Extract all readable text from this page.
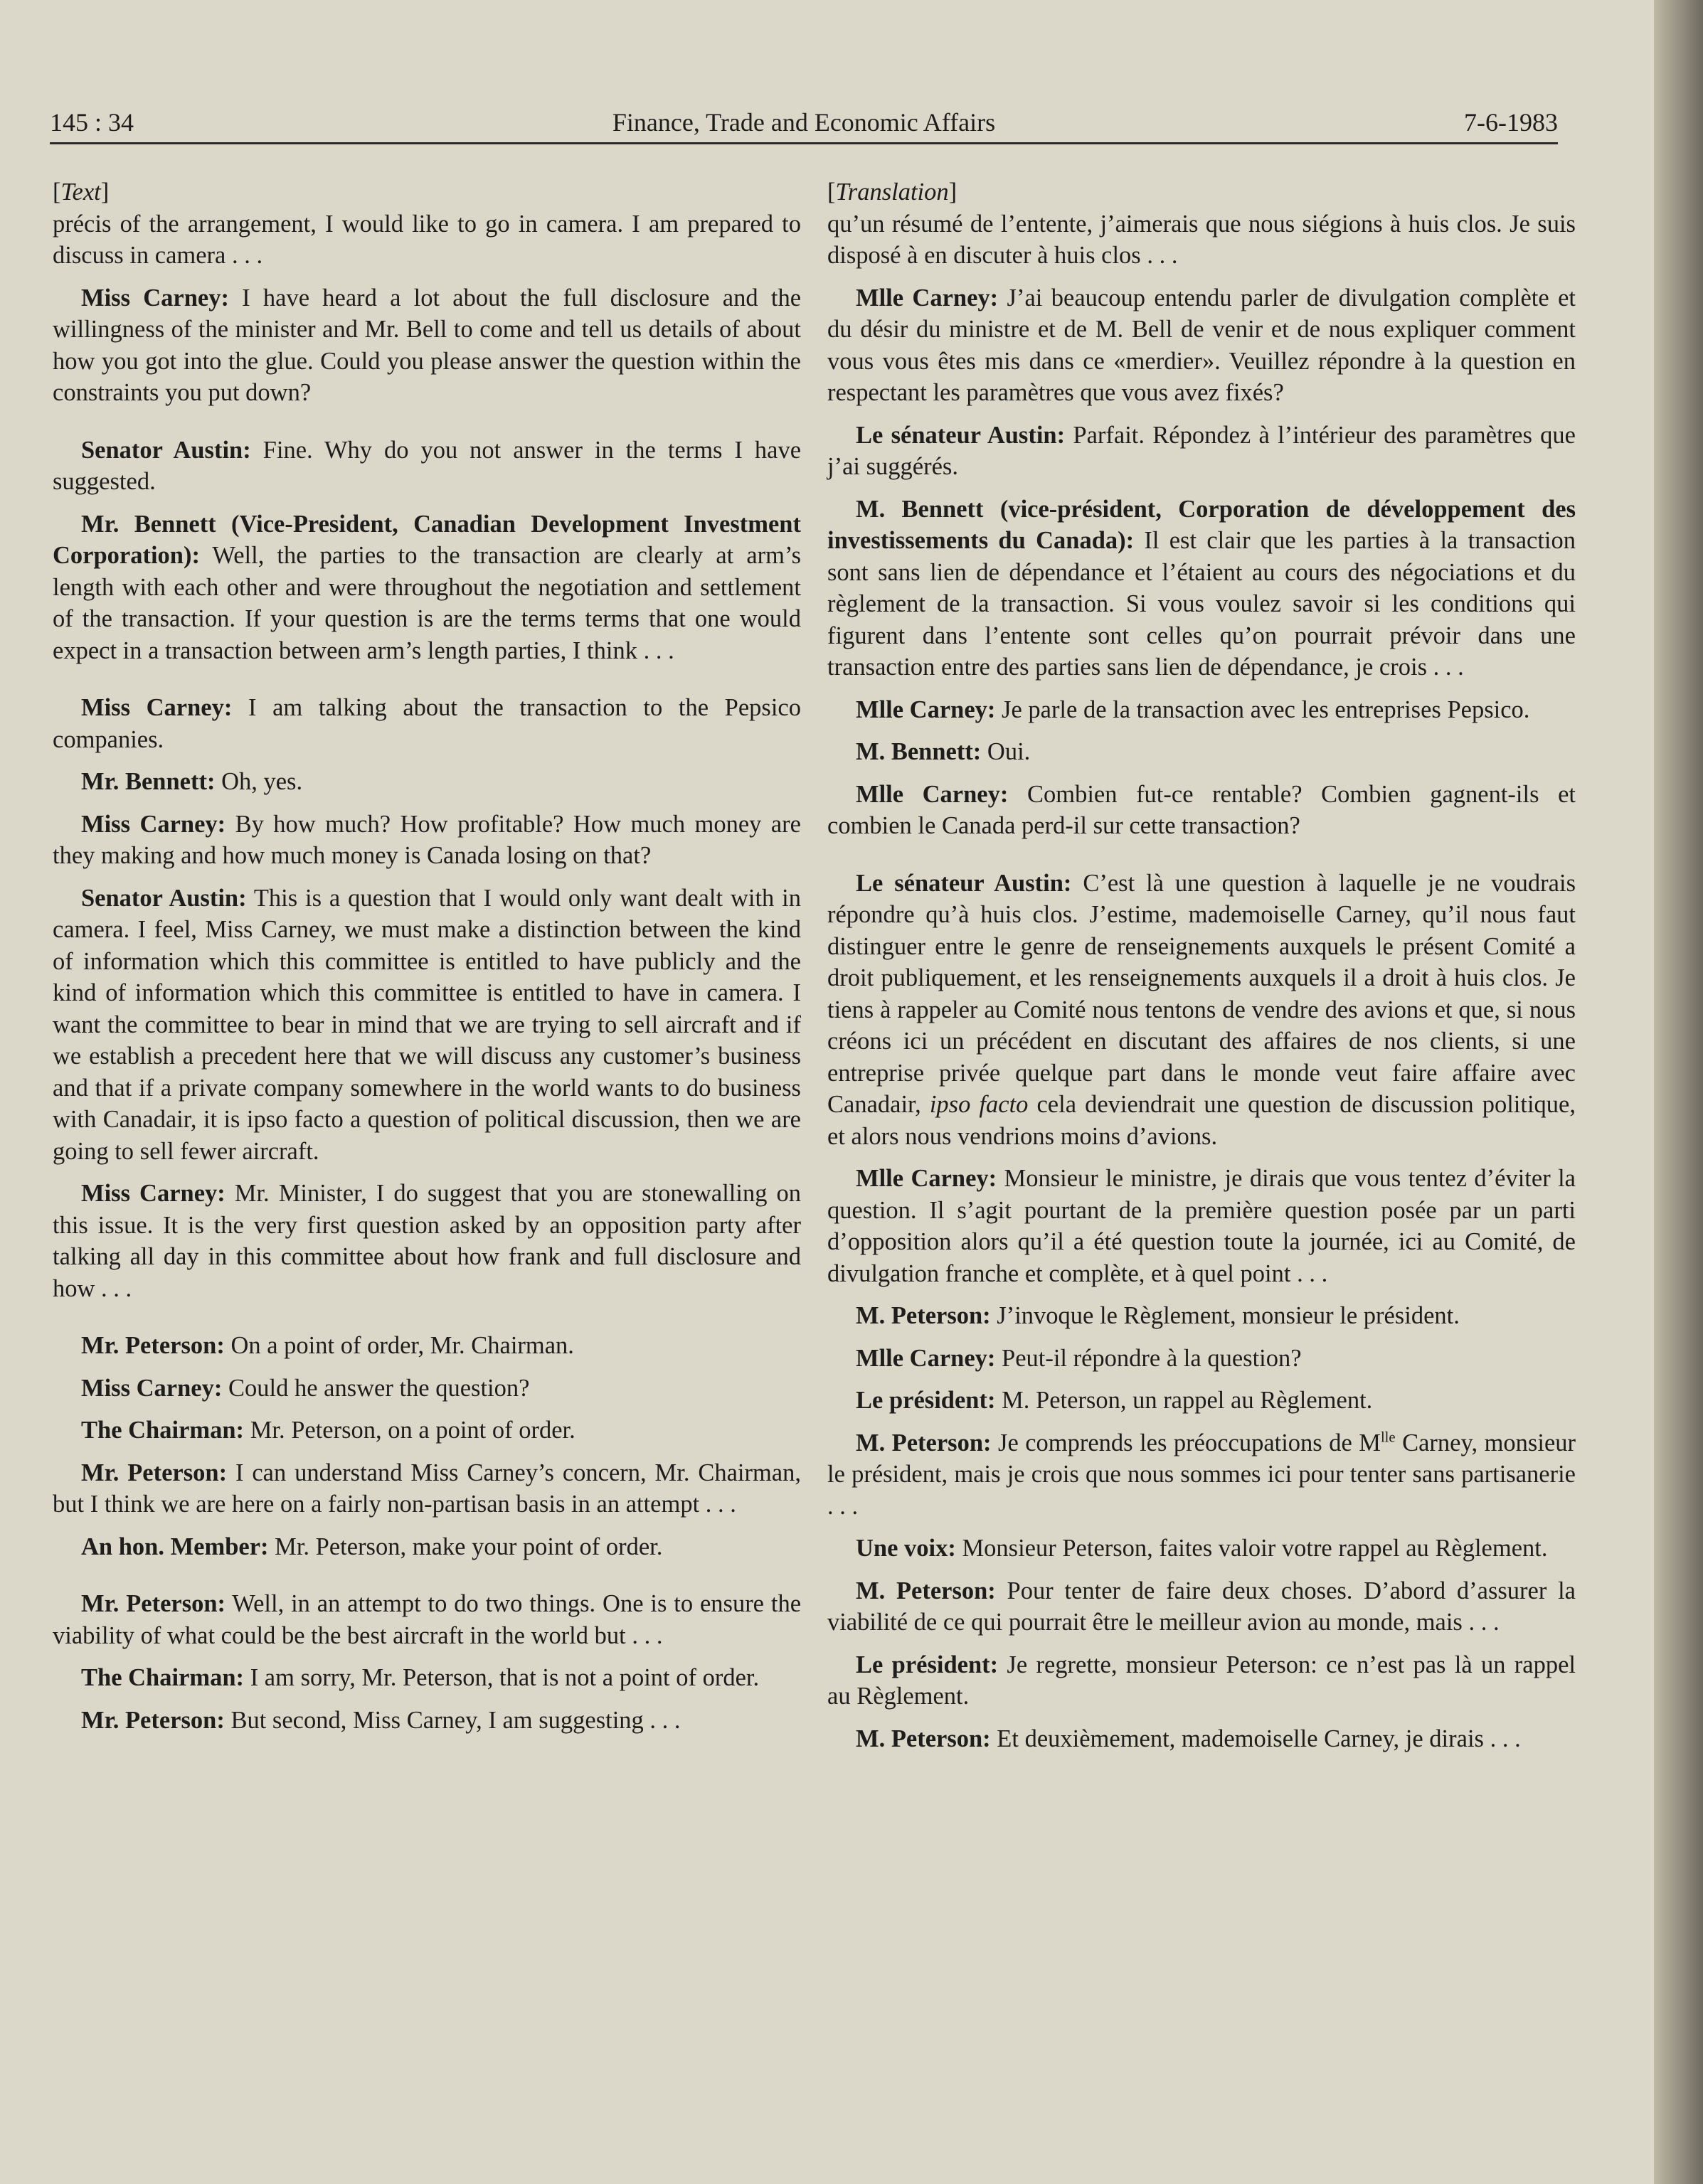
145 : 34	Finance, Trade and Economic Affairs	7-6-1983
[Text]

précis of the arrangement, I would like to go in camera. I am prepared to discuss in camera . . .

Miss Carney: I have heard a lot about the full disclosure and the willingness of the minister and Mr. Bell to come and tell us details of about how you got into the glue. Could you please answer the question within the constraints you put down?

Senator Austin: Fine. Why do you not answer in the terms I have suggested.

Mr. Bennett (Vice-President, Canadian Development Investment Corporation): Well, the parties to the transaction are clearly at arm’s length with each other and were throughout the negotiation and settlement of the transaction. If your question is are the terms terms that one would expect in a transaction between arm’s length parties, I think . . .

Miss Carney: I am talking about the transaction to the Pepsico companies.

Mr. Bennett: Oh, yes.

Miss Carney: By how much? How profitable? How much money are they making and how much money is Canada losing on that?

Senator Austin: This is a question that I would only want dealt with in camera. I feel, Miss Carney, we must make a distinction between the kind of information which this committee is entitled to have publicly and the kind of information which this committee is entitled to have in camera. I want the committee to bear in mind that we are trying to sell aircraft and if we establish a precedent here that we will discuss any customer’s business and that if a private company somewhere in the world wants to do business with Canadair, it is ipso facto a question of political discussion, then we are going to sell fewer aircraft.

Miss Carney: Mr. Minister, I do suggest that you are stonewalling on this issue. It is the very first question asked by an opposition party after talking all day in this committee about how frank and full disclosure and how . . .

Mr. Peterson: On a point of order, Mr. Chairman.

Miss Carney: Could he answer the question?

The Chairman: Mr. Peterson, on a point of order.

Mr. Peterson: I can understand Miss Carney’s concern, Mr. Chairman, but I think we are here on a fairly non-partisan basis in an attempt . . .

An hon. Member: Mr. Peterson, make your point of order.

Mr. Peterson: Well, in an attempt to do two things. One is to ensure the viability of what could be the best aircraft in the world but . . .

The Chairman: I am sorry, Mr. Peterson, that is not a point of order.

Mr. Peterson: But second, Miss Carney, I am suggesting . . .

[Translation]

qu’un résumé de l’entente, j’aimerais que nous siégions à huis clos. Je suis disposé à en discuter à huis clos . . .

Mlle Carney: J’ai beaucoup entendu parler de divulgation complète et du désir du ministre et de M. Bell de venir et de nous expliquer comment vous vous êtes mis dans ce «merdier». Veuillez répondre à la question en respectant les paramètres que vous avez fixés?

Le sénateur Austin: Parfait. Répondez à l’intérieur des paramètres que j’ai suggérés.

M. Bennett (vice-président, Corporation de développement des investissements du Canada): Il est clair que les parties à la transaction sont sans lien de dépendance et l’étaient au cours des négociations et du règlement de la transaction. Si vous voulez savoir si les conditions qui figurent dans l’entente sont celles qu’on pourrait prévoir dans une transaction entre des parties sans lien de dépendance, je crois . . .

Mlle Carney: Je parle de la transaction avec les entreprises Pepsico.

M. Bennett: Oui.

Mlle Carney: Combien fut-ce rentable? Combien gagnent-ils et combien le Canada perd-il sur cette transaction?

Le sénateur Austin: C’est là une question à laquelle je ne voudrais répondre qu’à huis clos. J’estime, mademoiselle Carney, qu’il nous faut distinguer entre le genre de renseignements auxquels le présent Comité a droit publiquement, et les renseignements auxquels il a droit à huis clos. Je tiens à rappeler au Comité nous tentons de vendre des avions et que, si nous créons ici un précédent en discutant des affaires de nos clients, si une entreprise privée quelque part dans le monde veut faire affaire avec Canadair, ipso facto cela deviendrait une question de discussion politique, et alors nous vendrions moins d’avions.

Mlle Carney: Monsieur le ministre, je dirais que vous tentez d’éviter la question. Il s’agit pourtant de la première question posée par un parti d’opposition alors qu’il a été question toute la journée, ici au Comité, de divulgation franche et complète, et à quel point . . .

M. Peterson: J’invoque le Règlement, monsieur le président.

Mlle Carney: Peut-il répondre à la question?

Le président: M. Peterson, un rappel au Règlement.

M. Peterson: Je comprends les préoccupations de $M^{lle}$ Carney, monsieur le président, mais je crois que nous sommes ici pour tenter sans partisanerie . . .

Une voix: Monsieur Peterson, faites valoir votre rappel au Règlement.

M. Peterson: Pour tenter de faire deux choses. D’abord d’assurer la viabilité de ce qui pourrait être le meilleur avion au monde, mais . . .

Le président: Je regrette, monsieur Peterson: ce n’est pas là un rappel au Règlement.

M. Peterson: Et deuxièmement, mademoiselle Carney, je dirais . . .
